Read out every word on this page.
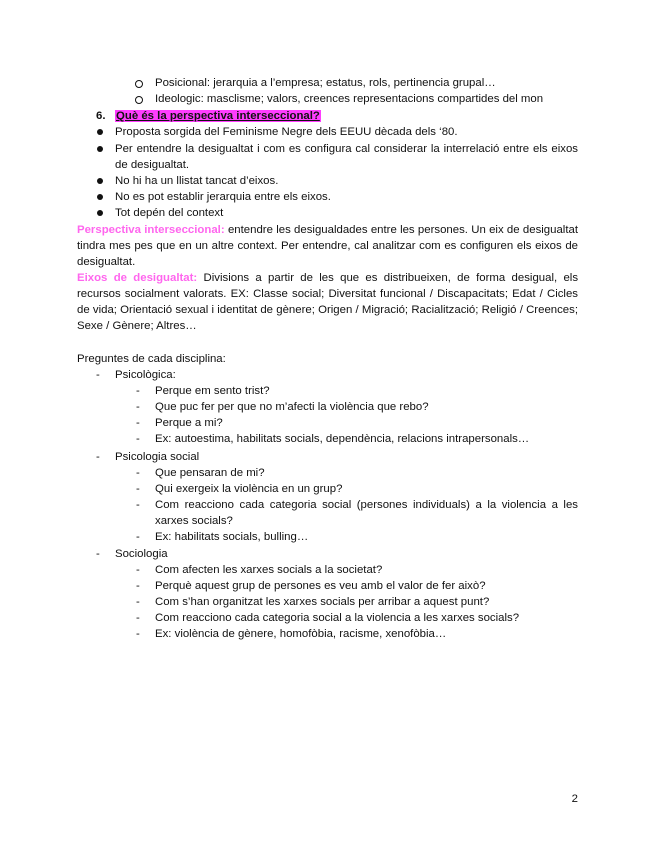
Posicional: jerarquia a l’empresa; estatus, rols, pertinencia grupal…
Ideologic: masclisme; valors, creences representacions compartides del mon
6. Què és la perspectiva interseccional?
Proposta sorgida del Feminisme Negre dels EEUU dècada dels ‘80.
Per entendre la desigualtat i com es configura cal considerar la interrelació entre els eixos de desigualtat.
No hi ha un llistat tancat d’eixos.
No es pot establir jerarquia entre els eixos.
Tot depén del context
Perspectiva interseccional: entendre les desigualdades entre les persones. Un eix de desigualtat tindra mes pes que en un altre context. Per entendre, cal analitzar com es configuren els eixos de desigualtat.
Eixos de desigualtat: Divisions a partir de les que es distribueixen, de forma desigual, els recursos socialment valorats. EX: Classe social; Diversitat funcional / Discapacitats; Edat / Cicles de vida; Orientació sexual i identitat de gènere; Origen / Migració; Racialització; Religió / Creences; Sexe / Gènere; Altres…
Preguntes de cada disciplina:
- Psicològica:
- Perque em sento trist?
- Que puc fer per que no m’afecti la violència que rebo?
- Perque a mi?
- Ex: autoestima, habilitats socials, dependència, relacions intrapersonals…
- Psicologia social
- Que pensaran de mi?
- Qui exergeix la violència en un grup?
- Com reacciono cada categoria social (persones individuals) a la violencia a les xarxes socials?
- Ex: habilitats socials, bulling…
- Sociologia
- Com afecten les xarxes socials a la societat?
- Perquè aquest grup de persones es veu amb el valor de fer això?
- Com s’han organitzat les xarxes socials per arribar a aquest punt?
- Com reacciono cada categoria social a la violencia a les xarxes socials?
- Ex: violència de gènere, homofòbia, racisme, xenofòbia…
2
